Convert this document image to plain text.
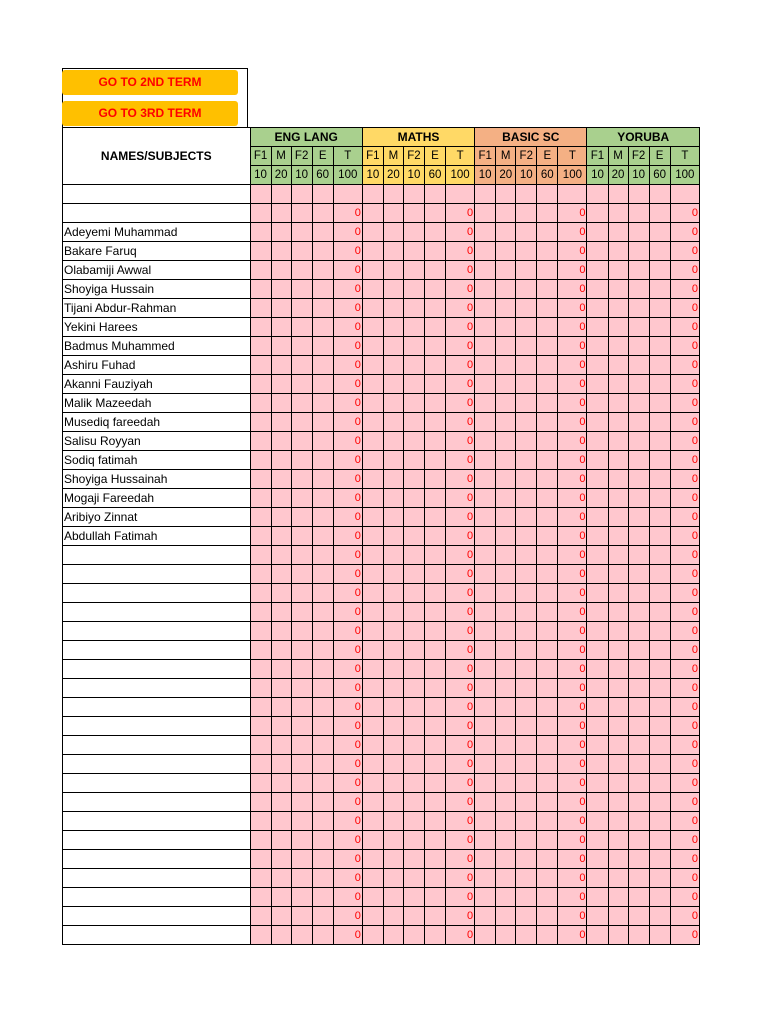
GO TO 2ND TERM
GO TO 3RD TERM
NAMES/SUBJECTS	ENG LANG					MATHS					BASIC SC					YORUBA				
	F1	M	F2	E	T	F1	M	F2	E	T	F1	M	F2	E	T	F1	M	F2	E	T
	10	20	10	60	100	10	20	10	60	100	10	20	10	60	100	10	20	10	60	100

					0					0					0					0
Adeyemi Muhammad					0					0					0					0
Bakare Faruq					0					0					0					0
Olabamiji Awwal					0					0					0					0
Shoyiga Hussain					0					0					0					0
Tijani Abdur-Rahman					0					0					0					0
Yekini Harees					0					0					0					0
Badmus Muhammed					0					0					0					0
Ashiru Fuhad					0					0					0					0
Akanni Fauziyah					0					0					0					0
Malik Mazeedah					0					0					0					0
Musediq fareedah					0					0					0					0
Salisu Royyan					0					0					0					0
Sodiq fatimah					0					0					0					0
Shoyiga Hussainah					0					0					0					0
Mogaji Fareedah					0					0					0					0
Aribiyo Zinnat					0					0					0					0
Abdullah Fatimah					0					0					0					0
					0					0					0					0
					0					0					0					0
					0					0					0					0
					0					0					0					0
					0					0					0					0
					0					0					0					0
					0					0					0					0
					0					0					0					0
					0					0					0					0
					0					0					0					0
					0					0					0					0
					0					0					0					0
					0					0					0					0
					0					0					0					0
					0					0					0					0
					0					0					0					0
					0					0					0					0
					0					0					0					0
					0					0					0					0
					0					0					0					0
					0					0					0					0
